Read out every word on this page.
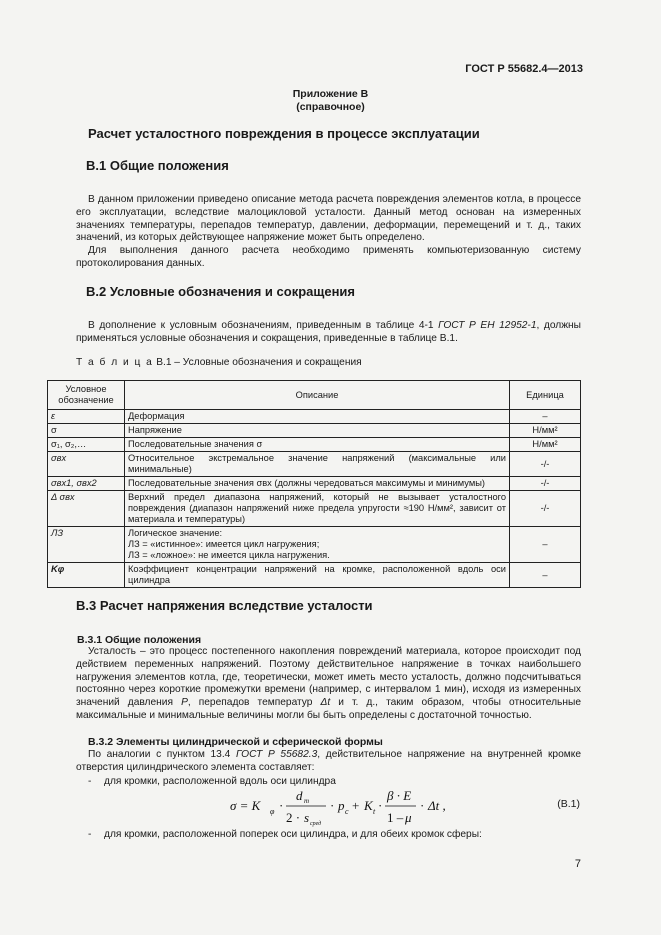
ГОСТ Р 55682.4—2013
Приложение В
(справочное)
Расчет усталостного повреждения в процессе эксплуатации
В.1 Общие положения

В данном приложении приведено описание метода расчета повреждения элементов котла, в процессе его эксплуатации, вследствие малоцикловой усталости. Данный метод основан на измеренных значениях температуры, перепадов температур, давлении, деформации, перемещений и т. д., таких значений, из которых действующее напряжение может быть определено.

Для выполнения данного расчета необходимо применять компьютеризованную систему протоколирования данных.

В.2 Условные обозначения и сокращения

В дополнение к условным обозначениям, приведенным в таблице 4-1 ГОСТ Р ЕН 12952-1, должны применяться условные обозначения и сокращения, приведенные в таблице В.1.

Т а б л и ц а В.1 – Условные обозначения и сокращения
Условное обозначение	Описание	Единица
ε	Деформация	–
σ	Напряжение	Н/мм²
σ₁, σ₂,…	Последовательные значения σ	Н/мм²
σвх	Относительное экстремальное значение напряжений (максимальные или минимальные)	-/-
σвх1, σвх2	Последовательные значения σвх (должны чередоваться максимумы и минимумы)	-/-
Δ σвх	Верхний предел диапазона напряжений, который не вызывает усталостного повреждения (диапазон напряжений ниже предела упругости ≈190 Н/мм², зависит от материала и температуры)	-/-
ЛЗ	Логическое значение:
ЛЗ = «истинное»: имеется цикл нагружения;
ЛЗ = «ложное»: не имеется цикла нагружения.	–
Kφ	Коэффициент концентрации напряжений на кромке, расположенной вдоль оси цилиндра	–
В.3 Расчет напряжения вследствие усталости
В.3.1 Общие положения

Усталость – это процесс постепенного накопления повреждений материала, которое происходит под действием переменных напряжений. Поэтому действительное напряжение в точках наибольшего нагружения элементов котла, где, теоретически, может иметь место усталость, должно подсчитываться постоянно через короткие промежутки времени (например, с интервалом 1 мин), исходя из измеренных значений давления P, перепадов температур Δt и т. д., таким образом, чтобы относительные максимальные и минимальные величины могли бы быть определены с достаточной точностью.

В.3.2 Элементы цилиндрической и сферической формы

По аналогии с пунктом 13.4 ГОСТ Р 55682.3, действительное напряжение на внутренней кромке отверстия цилиндрического элемента составляет:

- для кромки, расположенной вдоль оси цилиндра
σ = K φ ·
d m
2 · s сред
· p c + K t ·
β · E
1 – μ
· Δt ,	(В.1)
- для кромки, расположенной поперек оси цилиндра, и для обеих кромок сферы:
7
